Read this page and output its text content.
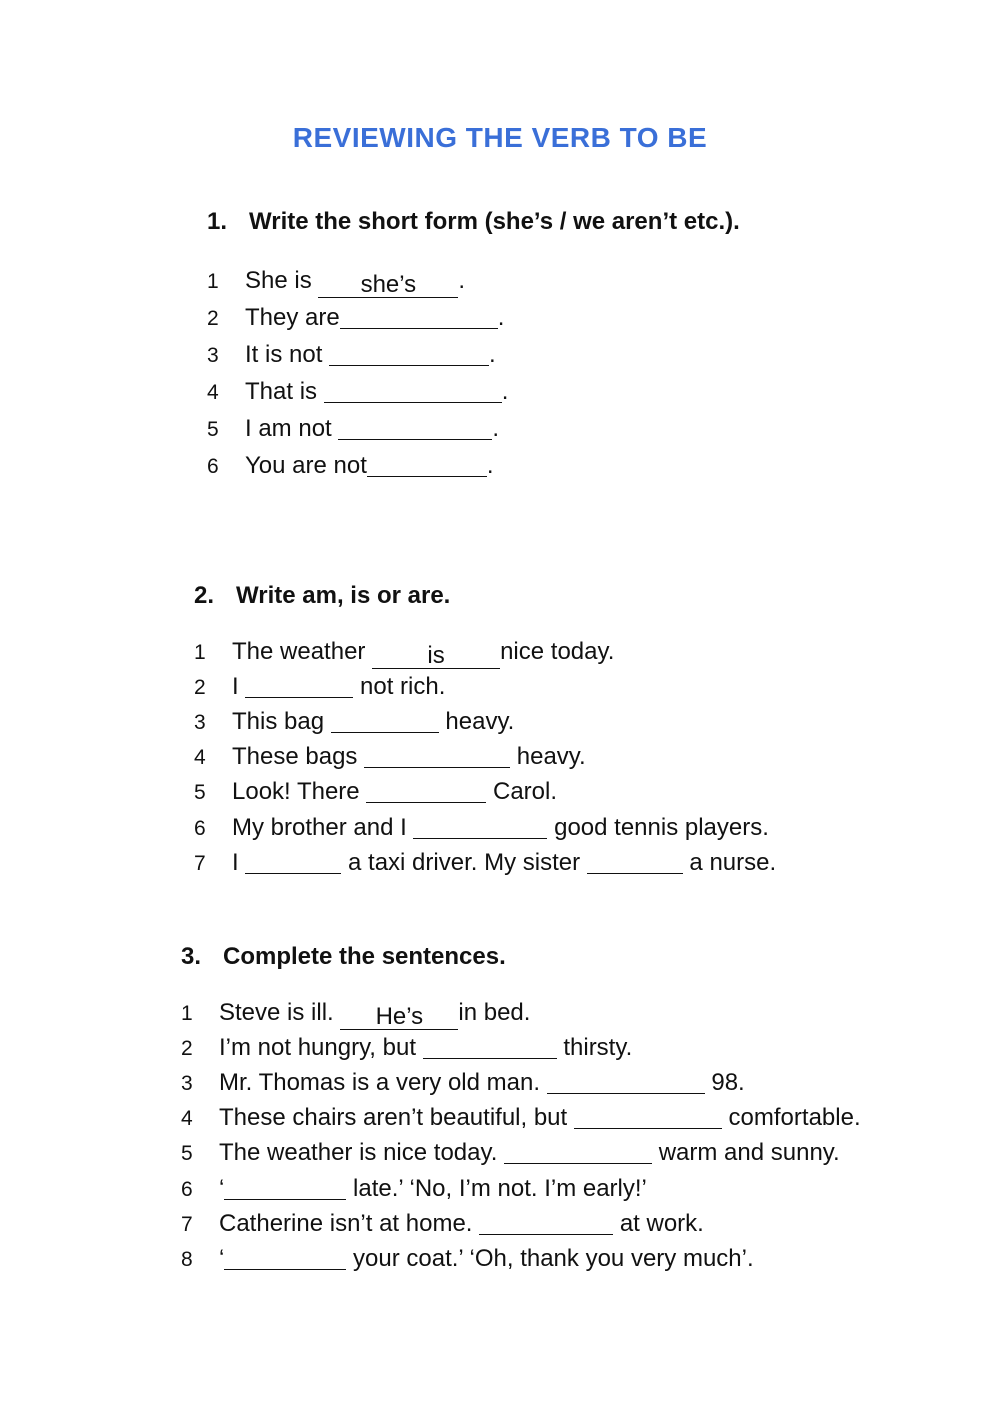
REVIEWING THE VERB TO BE
1. Write the short form (she’s / we aren’t etc.).
1 She is she’s .
2 They are	.
3 It is not	.
4 That is	.
5 I am not	.
6 You are not	.
2. Write am, is or are.
1 The weather	is nice today.
2 I	not rich.
3 This bag	heavy.
4 These bags	heavy.
5 Look! There	Carol.
6 My brother and I	good tennis players.
7 I	a taxi driver. My sister	a nurse.
3. Complete the sentences.
1 Steve is ill. He’s in bed.
2 I’m not hungry, but	thirsty.
3 Mr. Thomas is a very old man.	98.
4 These chairs aren’t beautiful, but	comfortable.
5 The weather is nice today.	warm and sunny.
6 ‘	late.’ ‘No, I’m not. I’m early!’
7 Catherine isn’t at home.	at work.
8 ‘	your coat.’ ‘Oh, thank you very much’.
